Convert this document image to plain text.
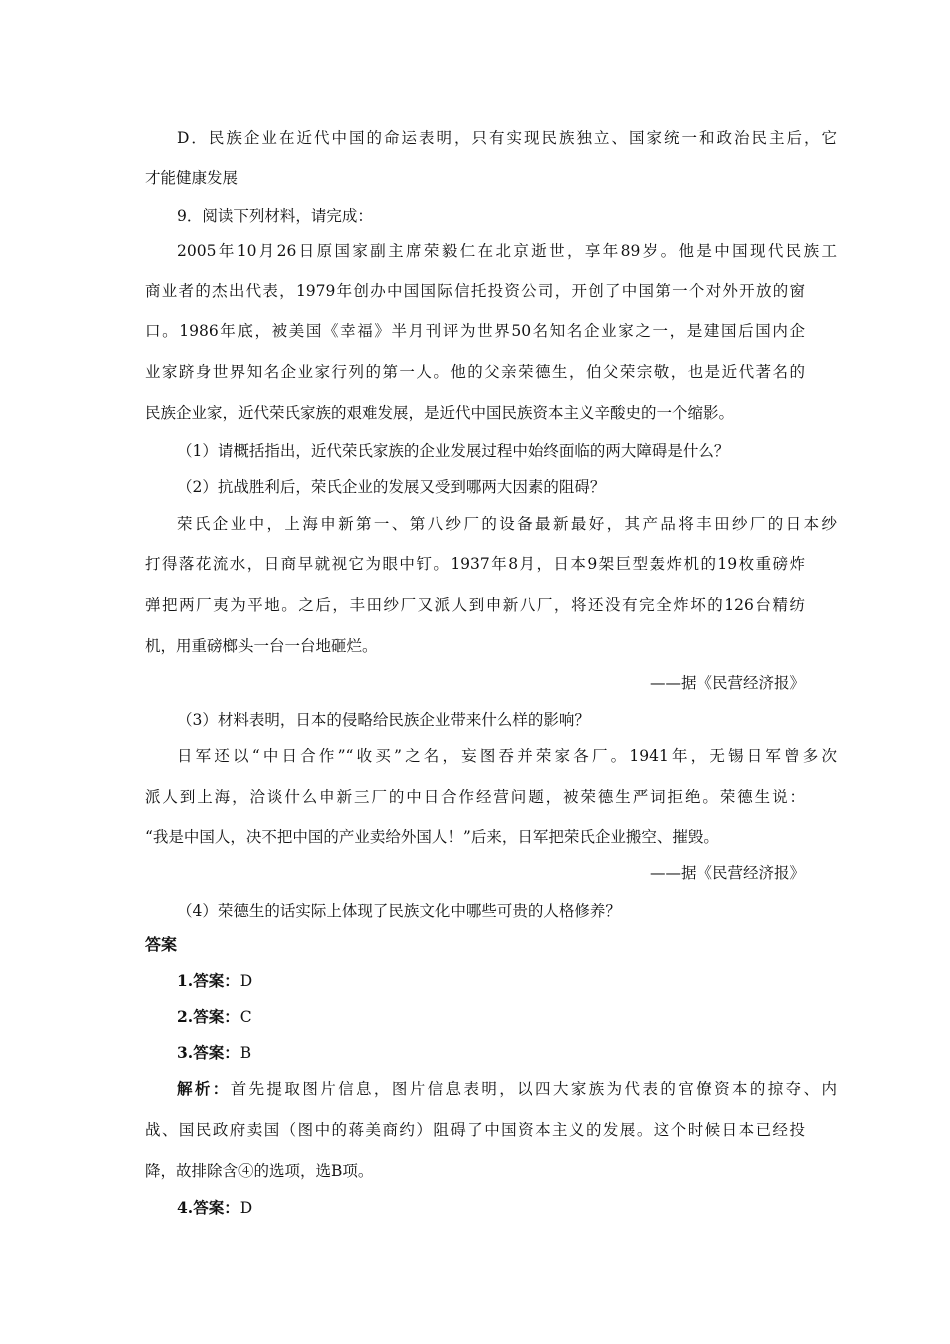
D．民族企业在近代中国的命运表明，只有实现民族独立、国家统一和政治民主后，它
才能健康发展
9．阅读下列材料，请完成：
2005年10月26日原国家副主席荣毅仁在北京逝世，享年89岁。他是中国现代民族工
商业者的杰出代表，1979年创办中国国际信托投资公司，开创了中国第一个对外开放的窗
口。1986年底，被美国《幸福》半月刊评为世界50名知名企业家之一，是建国后国内企
业家跻身世界知名企业家行列的第一人。他的父亲荣德生，伯父荣宗敬，也是近代著名的
民族企业家，近代荣氏家族的艰难发展，是近代中国民族资本主义辛酸史的一个缩影。
（1）请概括指出，近代荣氏家族的企业发展过程中始终面临的两大障碍是什么？
（2）抗战胜利后，荣氏企业的发展又受到哪两大因素的阻碍？
荣氏企业中，上海申新第一、第八纱厂的设备最新最好，其产品将丰田纱厂的日本纱
打得落花流水，日商早就视它为眼中钉。1937年8月，日本9架巨型轰炸机的19枚重磅炸
弹把两厂夷为平地。之后，丰田纱厂又派人到申新八厂，将还没有完全炸坏的126台精纺
机，用重磅榔头一台一台地砸烂。
——据《民营经济报》
（3）材料表明，日本的侵略给民族企业带来什么样的影响？
日军还以“中日合作”“收买”之名，妄图吞并荣家各厂。1941年，无锡日军曾多次
派人到上海，洽谈什么申新三厂的中日合作经营问题，被荣德生严词拒绝。荣德生说：
“我是中国人，决不把中国的产业卖给外国人！”后来，日军把荣氏企业搬空、摧毁。
——据《民营经济报》
（4）荣德生的话实际上体现了民族文化中哪些可贵的人格修养？
答案
1.答案：D
2.答案：C
3.答案：B
解析：首先提取图片信息，图片信息表明，以四大家族为代表的官僚资本的掠夺、内
战、国民政府卖国（图中的蒋美商约）阻碍了中国资本主义的发展。这个时候日本已经投
降，故排除含④的选项，选B项。
4.答案：D
